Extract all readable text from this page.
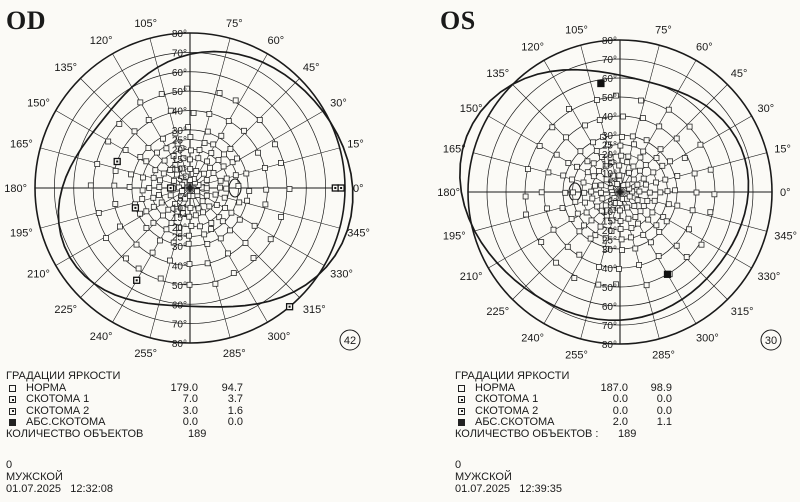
OD	80°
80°
70°
70°
60°
60°
50°
50°
40°
40°
30°
30°
25°
25°
20°
20°
15°
15°
10°
10°
5°
5°
0°
15°
30°
45°
60°
75°
105°
120°
135°
150°
165°
180°
195°
210°
225°
240°
255°	285°
300°
315°
330°
345°
42
ГРАДАЦИИ ЯРКОСТИ
НОРМА	179.0	94.7
СКОТОМА 1	7.0	3.7
СКОТОМА 2	3.0	1.6
АБС.СКОТОМА	0.0	0.0
КОЛИЧЕСТВО ОБЪЕКТОВ	189
0
МУЖСКОЙ
01.07.2025   12:32:08
OS
80°
80°
70°
70°
60°
60°
50°
50°
40°
40°
30°
30°
25°
25°
20°
20°
15°
15°
10°
10°
5°
5°
0°
15°
30°
45°
60°
75°
105°
120°
135°
150°
165°
180°
195°
210°
225°
240°
255°	285°
300°
315°
330°
345°
30
ГРАДАЦИИ ЯРКОСТИ
НОРМА	187.0	98.9
СКОТОМА 1	0.0	0.0
СКОТОМА 2	0.0	0.0
АБС.СКОТОМА	2.0	1.1
КОЛИЧЕСТВО ОБЪЕКТОВ : 189
0
МУЖСКОЙ
01.07.2025   12:39:35
